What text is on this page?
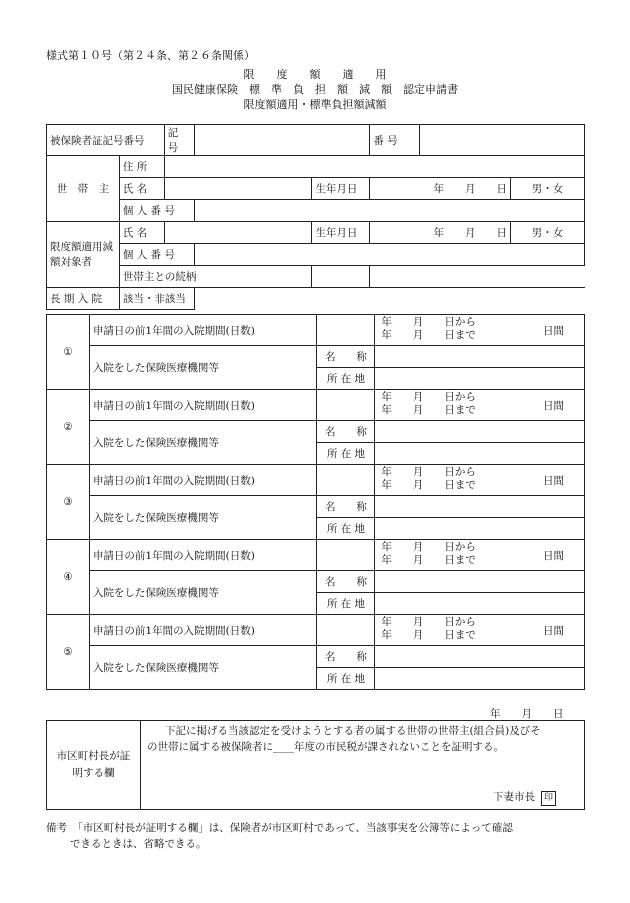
様式第１０号（第２４条、第２６条関係）
限　　度　　額　　適　　用
国民健康保険　標　準　負　担　額　減　額　認定申請書
限度額適用・標準負担額減額
被保険者証記号番号		記 号			番 号		
世　帯　主	住 所						
	氏 名			生年月日	年　　月　　日		男・女
	個 人 番 号						
限度額適用減額対象者	氏 名			生年月日	年　　月　　日		男・女
	個 人 番 号						
	世帯主との続柄						
長 期 入 院	該当・非該当						
①	申請日の前1年間の入院期間(日数)		年　　月　　日から
年　　月　　日まで 日間

	入院をした保険医療機関等	名　　称	
		所 在 地	
②	申請日の前1年間の入院期間(日数)		年　　月　　日から
年　　月　　日まで 日間

	入院をした保険医療機関等	名　　称	
		所 在 地	
③	申請日の前1年間の入院期間(日数)		年　　月　　日から
年　　月　　日まで 日間

	入院をした保険医療機関等	名　　称	
		所 在 地	
④	申請日の前1年間の入院期間(日数)		年　　月　　日から
年　　月　　日まで 日間

	入院をした保険医療機関等	名　　称	
		所 在 地	
⑤	申請日の前1年間の入院期間(日数)		年　　月　　日から
年　　月　　日まで 日間

	入院をした保険医療機関等	名　　称	
		所 在 地	
年　　月　　日
市区町村長が証明する欄
下記に掲げる当該認定を受けようとする者の属する世帯の世帯主(組合員)及びそ
の世帯に属する被保険者に____年度の市民税が課されないことを証明する。
下妻市長 印
備考　「市区町村長が証明する欄」は、保険者が市区町村であって、当該事実を公簿等によって確認
できるときは、省略できる。
